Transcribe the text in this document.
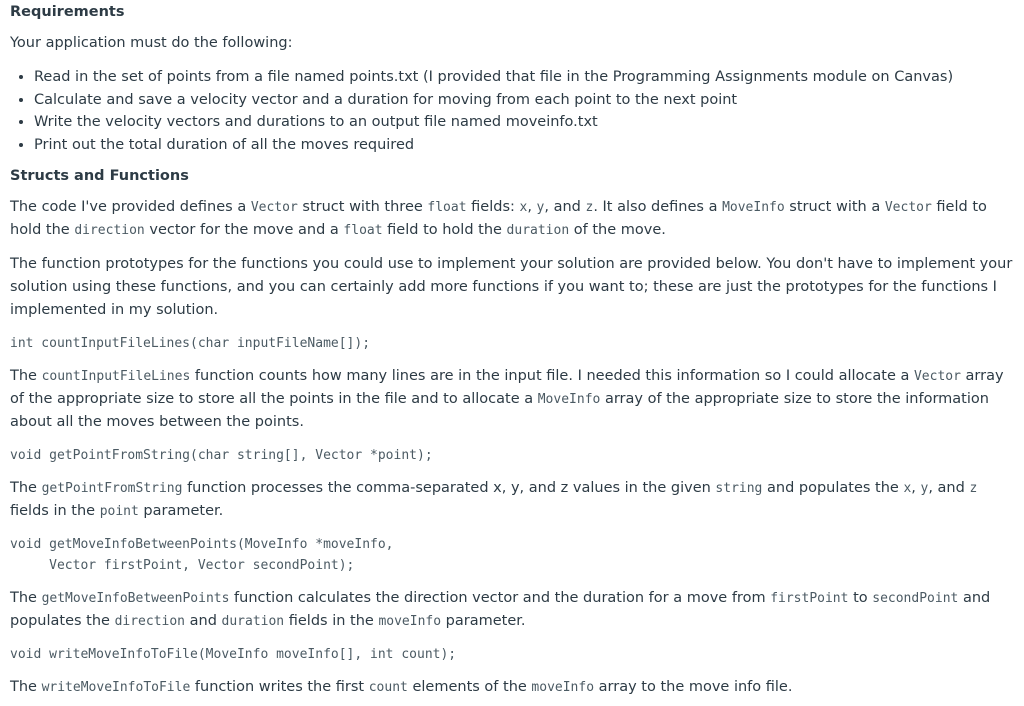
Requirements

Your application must do the following:

• Read in the set of points from a file named points.txt (I provided that file in the Programming Assignments module on Canvas)
• Calculate and save a velocity vector and a duration for moving from each point to the next point
• Write the velocity vectors and durations to an output file named moveinfo.txt
• Print out the total duration of all the moves required
Structs and Functions

The code I've provided defines a Vector struct with three float fields: x, y, and z. It also defines a MoveInfo struct with a Vector field to hold the direction vector for the move and a float field to hold the duration of the move.

The function prototypes for the functions you could use to implement your solution are provided below. You don't have to implement your solution using these functions, and you can certainly add more functions if you want to; these are just the prototypes for the functions I implemented in my solution.

int countInputFileLines(char inputFileName[]);

The countInputFileLines function counts how many lines are in the input file. I needed this information so I could allocate a Vector array of the appropriate size to store all the points in the file and to allocate a MoveInfo array of the appropriate size to store the information about all the moves between the points.

void getPointFromString(char string[], Vector *point);

The getPointFromString function processes the comma-separated x, y, and z values in the given string and populates the x, y, and z fields in the point parameter.

void getMoveInfoBetweenPoints(MoveInfo *moveInfo,
Vector firstPoint, Vector secondPoint);

The getMoveInfoBetweenPoints function calculates the direction vector and the duration for a move from firstPoint to secondPoint and populates the direction and duration fields in the moveInfo parameter.

void writeMoveInfoToFile(MoveInfo moveInfo[], int count);

The writeMoveInfoToFile function writes the first count elements of the moveInfo array to the move info file.
